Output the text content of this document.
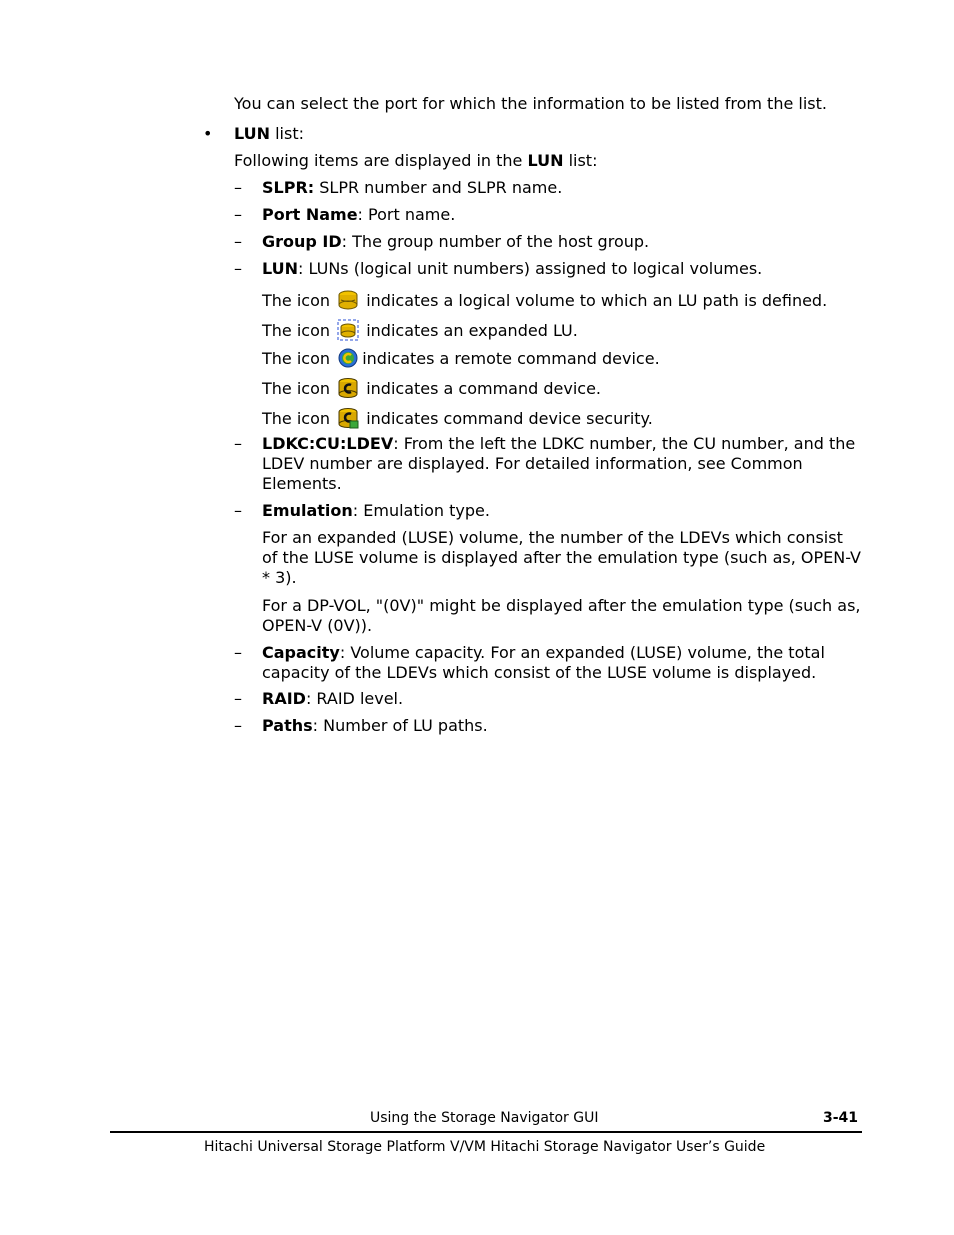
You can select the port for which the information to be listed from the list.
• LUN list:
Following items are displayed in the LUN list:
– SLPR: SLPR number and SLPR name.
– Port Name: Port name.
– Group ID: The group number of the host group.
– LUN: LUNs (logical unit numbers) assigned to logical volumes.
The icon indicates a logical volume to which an LU path is defined.
The icon indicates an expanded LU.
The icon indicates a remote command device.
The icon indicates a command device.
The icon indicates command device security.
– LDKC:CU:LDEV: From the left the LDKC number, the CU number, and the LDEV number are displayed. For detailed information, see Common Elements.
– Emulation: Emulation type.
For an expanded (LUSE) volume, the number of the LDEVs which consist of the LUSE volume is displayed after the emulation type (such as, OPEN-V * 3).
For a DP-VOL, "(0V)" might be displayed after the emulation type (such as, OPEN-V (0V)).
– Capacity: Volume capacity. For an expanded (LUSE) volume, the total capacity of the LDEVs which consist of the LUSE volume is displayed.
– RAID: RAID level.
– Paths: Number of LU paths.
Using the Storage Navigator GUI	3-41
Hitachi Universal Storage Platform V/VM Hitachi Storage Navigator User’s Guide
